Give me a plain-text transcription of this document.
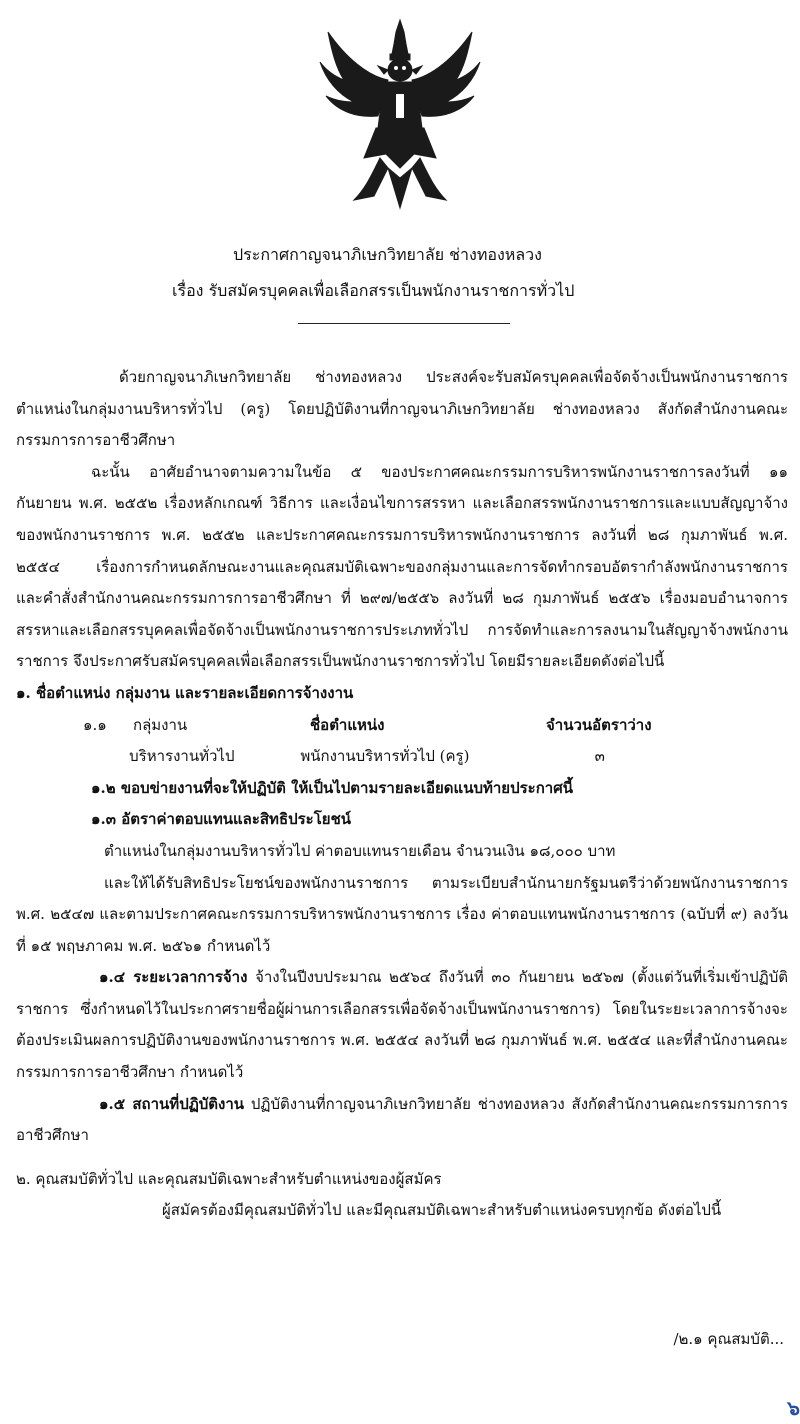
ประกาศกาญจนาภิเษกวิทยาลัย ช่างทองหลวง
เรื่อง รับสมัครบุคคลเพื่อเลือกสรรเป็นพนักงานราชการทั่วไป

ด้วยกาญจนาภิเษกวิทยาลัย ช่างทองหลวง ประสงค์จะรับสมัครบุคคลเพื่อจัดจ้างเป็นพนักงานราชการ ตำแหน่งในกลุ่มงานบริหารทั่วไป (ครู) โดยปฏิบัติงานที่กาญจนาภิเษกวิทยาลัย ช่างทองหลวง สังกัดสำนักงานคณะกรรมการการอาชีวศึกษา

ฉะนั้น อาศัยอำนาจตามความในข้อ ๕ ของประกาศคณะกรรมการบริหารพนักงานราชการลงวันที่ ๑๑ กันยายน พ.ศ. ๒๕๕๒ เรื่องหลักเกณฑ์ วิธีการ และเงื่อนไขการสรรหา และเลือกสรรพนักงานราชการและแบบสัญญาจ้างของพนักงานราชการ พ.ศ. ๒๕๕๒ และประกาศคณะกรรมการบริหารพนักงานราชการ ลงวันที่ ๒๘ กุมภาพันธ์ พ.ศ. ๒๕๕๔ เรื่องการกำหนดลักษณะงานและคุณสมบัติเฉพาะของกลุ่มงานและการจัดทำกรอบอัตรากำลังพนักงานราชการ และคำสั่งสำนักงานคณะกรรมการการอาชีวศึกษา ที่ ๒๙๗/๒๕๕๖ ลงวันที่ ๒๘ กุมภาพันธ์ ๒๕๕๖ เรื่องมอบอำนาจการสรรหาและเลือกสรรบุคคลเพื่อจัดจ้างเป็นพนักงานราชการประเภททั่วไป การจัดทำและการลงนามในสัญญาจ้างพนักงานราชการ จึงประกาศรับสมัครบุคคลเพื่อเลือกสรรเป็นพนักงานราชการทั่วไป โดยมีรายละเอียดดังต่อไปนี้

๑. ชื่อตำแหน่ง กลุ่มงาน และรายละเอียดการจ้างงาน
๑.๑	กลุ่มงาน	ชื่อตำแหน่ง	จำนวนอัตราว่าง
บริหารงานทั่วไป	พนักงานบริหารทั่วไป (ครู)	๓

๑.๒ ขอบข่ายงานที่จะให้ปฏิบัติ ให้เป็นไปตามรายละเอียดแนบท้ายประกาศนี้

๑.๓ อัตราค่าตอบแทนและสิทธิประโยชน์

ตำแหน่งในกลุ่มงานบริหารทั่วไป ค่าตอบแทนรายเดือน จำนวนเงิน ๑๘,๐๐๐ บาท

และให้ได้รับสิทธิประโยชน์ของพนักงานราชการ ตามระเบียบสำนักนายกรัฐมนตรีว่าด้วยพนักงานราชการ พ.ศ. ๒๕๔๗ และตามประกาศคณะกรรมการบริหารพนักงานราชการ เรื่อง ค่าตอบแทนพนักงานราชการ (ฉบับที่ ๙) ลงวันที่ ๑๕ พฤษภาคม พ.ศ. ๒๕๖๑ กำหนดไว้

๑.๔ ระยะเวลาการจ้าง จ้างในปีงบประมาณ ๒๕๖๔ ถึงวันที่ ๓๐ กันยายน ๒๕๖๗ (ตั้งแต่วันที่เริ่มเข้าปฏิบัติราชการ ซึ่งกำหนดไว้ในประกาศรายชื่อผู้ผ่านการเลือกสรรเพื่อจัดจ้างเป็นพนักงานราชการ) โดยในระยะเวลาการจ้างจะต้องประเมินผลการปฏิบัติงานของพนักงานราชการ พ.ศ. ๒๕๕๔ ลงวันที่ ๒๘ กุมภาพันธ์ พ.ศ. ๒๕๕๔ และที่สำนักงานคณะกรรมการการอาชีวศึกษา กำหนดไว้

๑.๕ สถานที่ปฏิบัติงาน ปฏิบัติงานที่กาญจนาภิเษกวิทยาลัย ช่างทองหลวง สังกัดสำนักงานคณะกรรมการการอาชีวศึกษา

๒. คุณสมบัติทั่วไป และคุณสมบัติเฉพาะสำหรับตำแหน่งของผู้สมัคร

ผู้สมัครต้องมีคุณสมบัติทั่วไป และมีคุณสมบัติเฉพาะสำหรับตำแหน่งครบทุกข้อ ดังต่อไปนี้

/๒.๑ คุณสมบัติ...
๖
